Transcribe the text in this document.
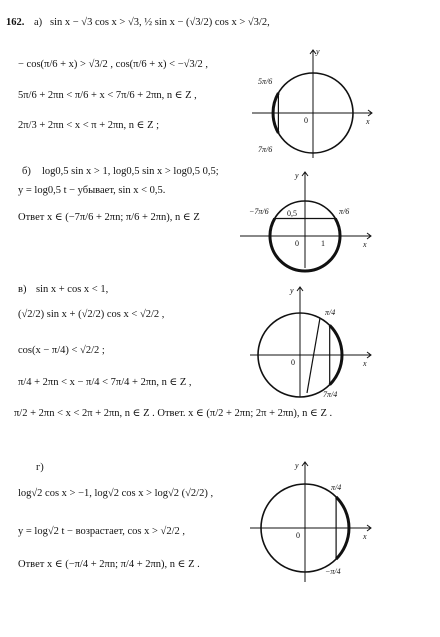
162. а) sin x − √3 cos x > √3, ½ sin x − (√3/2) cos x > √3/2,
− cos(π/6 + x) > √3/2 , cos(π/6 + x) < −√3/2 ,
5π/6 + 2πn < π/6 + x < 7π/6 + 2πn, n ∈ Z ,
2π/3 + 2πn < x < π + 2πn, n ∈ Z ;
5π/6
7π/6
0	x
y
б) log0,5 sin x > 1, log0,5 sin x > log0,5 0,5;
y = log0,5 t − убывает, sin x < 0,5.
Ответ x ∈ (−7π/6 + 2πn; π/6 + 2πn), n ∈ Z
−7π/6	π/6
0,5
0	1	x
y
в) sin x + cos x < 1,
(√2/2) sin x + (√2/2) cos x < √2/2 ,
cos(x − π/4) < √2/2 ;
π/4 + 2πn < x − π/4 < 7π/4 + 2πn, n ∈ Z ,
π/2 + 2πn < x < 2π + 2πn, n ∈ Z . Ответ. x ∈ (π/2 + 2πn; 2π + 2πn), n ∈ Z .
π/4
7π/4
0	x
y
г)
log√2 cos x > −1, log√2 cos x > log√2 (√2/2) ,
y = log√2 t − возрастает, cos x > √2/2 ,
Ответ x ∈ (−π/4 + 2πn; π/4 + 2πn), n ∈ Z .
π/4
−π/4
0	x
y
